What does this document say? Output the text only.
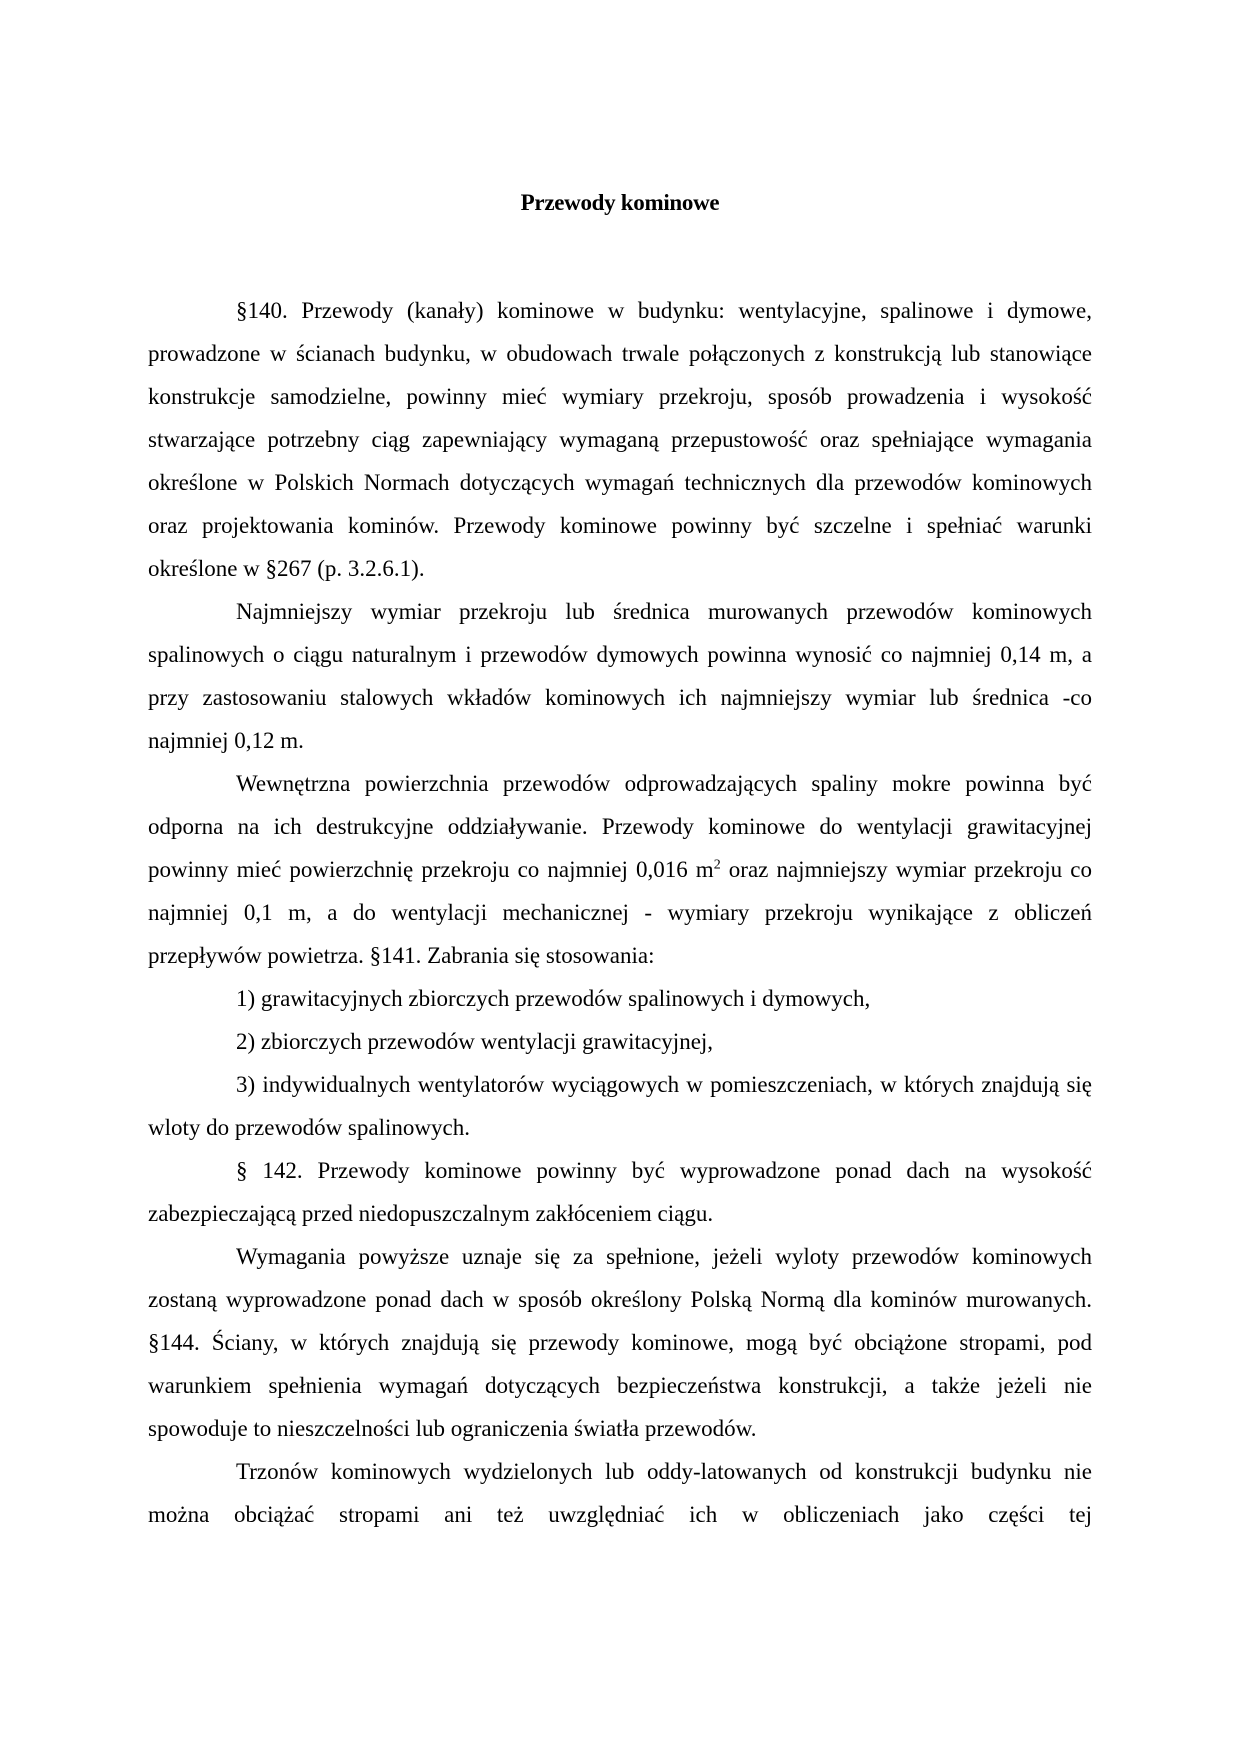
Przewody kominowe

§140. Przewody (kanały) kominowe w budynku: wentylacyjne, spalinowe i dymowe, prowadzone w ścianach budynku, w obudowach trwale połączonych z konstrukcją lub stanowiące konstrukcje samodzielne, powinny mieć wymiary przekroju, sposób prowadzenia i wysokość stwarzające potrzebny ciąg zapewniający wymaganą przepustowość oraz spełniające wymagania określone w Polskich Normach dotyczących wymagań technicznych dla przewodów kominowych oraz projektowania kominów. Przewody kominowe powinny być szczelne i spełniać warunki określone w §267 (p. 3.2.6.1).

Najmniejszy wymiar przekroju lub średnica murowanych przewodów kominowych spalinowych o ciągu naturalnym i przewodów dymowych powinna wynosić co najmniej 0,14 m, a przy zastosowaniu stalowych wkładów kominowych ich najmniejszy wymiar lub średnica -co najmniej 0,12 m.

Wewnętrzna powierzchnia przewodów odprowadzających spaliny mokre powinna być odporna na ich destrukcyjne oddziaływanie. Przewody kominowe do wentylacji grawitacyjnej powinny mieć powierzchnię przekroju co najmniej 0,016 $m^2$ oraz najmniejszy wymiar przekroju co najmniej 0,1 m, a do wentylacji mechanicznej - wymiary przekroju wynikające z obliczeń przepływów powietrza. §141. Zabrania się stosowania:

1) grawitacyjnych zbiorczych przewodów spalinowych i dymowych,

2) zbiorczych przewodów wentylacji grawitacyjnej,

3) indywidualnych wentylatorów wyciągowych w pomieszczeniach, w których znajdują się wloty do przewodów spalinowych.

§ 142. Przewody kominowe powinny być wyprowadzone ponad dach na wysokość zabezpieczającą przed niedopuszczalnym zakłóceniem ciągu.

Wymagania powyższe uznaje się za spełnione, jeżeli wyloty przewodów kominowych zostaną wyprowadzone ponad dach w sposób określony Polską Normą dla kominów murowanych. §144. Ściany, w których znajdują się przewody kominowe, mogą być obciążone stropami, pod warunkiem spełnienia wymagań dotyczących bezpieczeństwa konstrukcji, a także jeżeli nie spowoduje to nieszczelności lub ograniczenia światła przewodów.

Trzonów kominowych wydzielonych lub oddy-latowanych od konstrukcji budynku nie można obciążać stropami ani też uwzględniać ich w obliczeniach jako części tej
